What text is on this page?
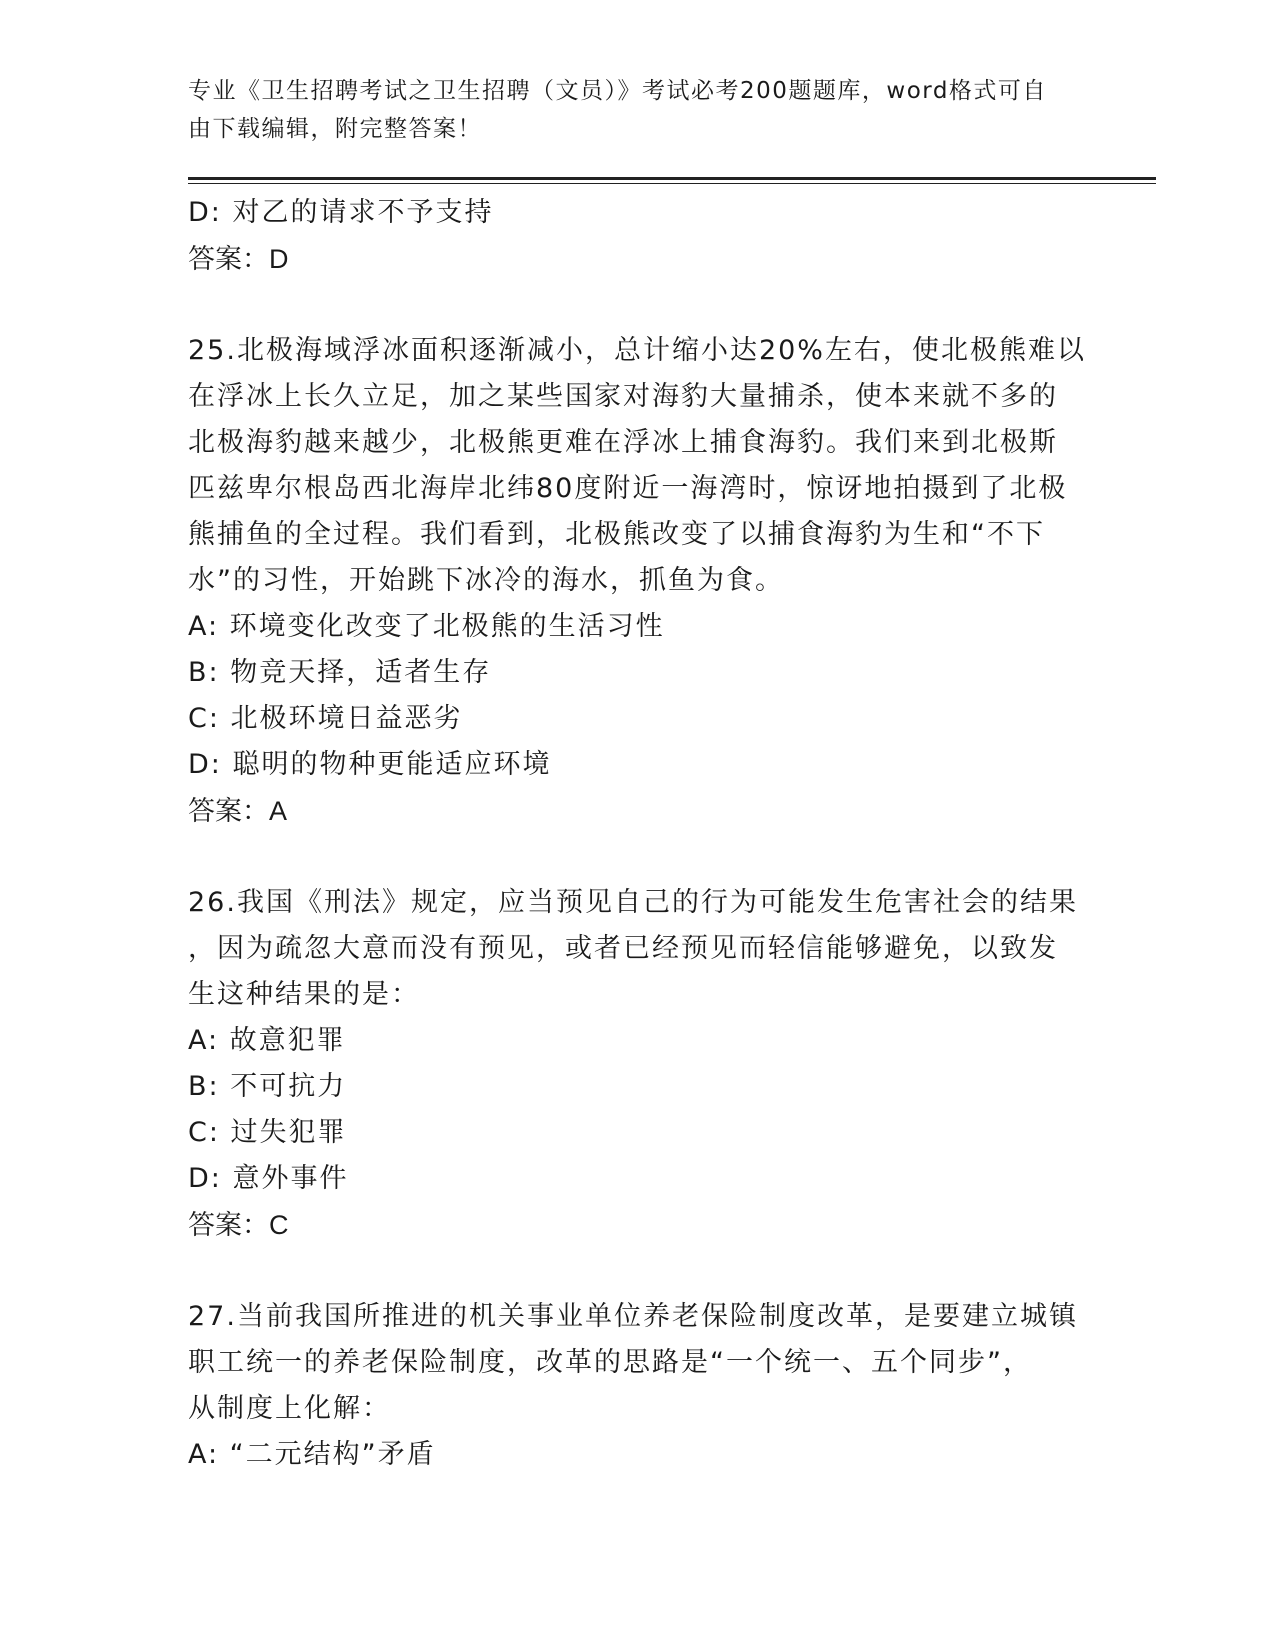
专业《卫生招聘考试之卫生招聘（文员）》考试必考200题题库，word格式可自
由下载编辑，附完整答案！
D: 对乙的请求不予支持
答案：D
25.北极海域浮冰面积逐渐减小，总计缩小达20%左右，使北极熊难以
在浮冰上长久立足，加之某些国家对海豹大量捕杀，使本来就不多的
北极海豹越来越少，北极熊更难在浮冰上捕食海豹。我们来到北极斯
匹兹卑尔根岛西北海岸北纬80度附近一海湾时，惊讶地拍摄到了北极
熊捕鱼的全过程。我们看到，北极熊改变了以捕食海豹为生和“不下
水”的习性，开始跳下冰冷的海水，抓鱼为食。
A: 环境变化改变了北极熊的生活习性
B: 物竞天择，适者生存
C: 北极环境日益恶劣
D: 聪明的物种更能适应环境
答案：A
26.我国《刑法》规定，应当预见自己的行为可能发生危害社会的结果
，因为疏忽大意而没有预见，或者已经预见而轻信能够避免，以致发
生这种结果的是：
A: 故意犯罪
B: 不可抗力
C: 过失犯罪
D: 意外事件
答案：C
27.当前我国所推进的机关事业单位养老保险制度改革，是要建立城镇
职工统一的养老保险制度，改革的思路是“一个统一、五个同步”，
从制度上化解：
A: “二元结构”矛盾
